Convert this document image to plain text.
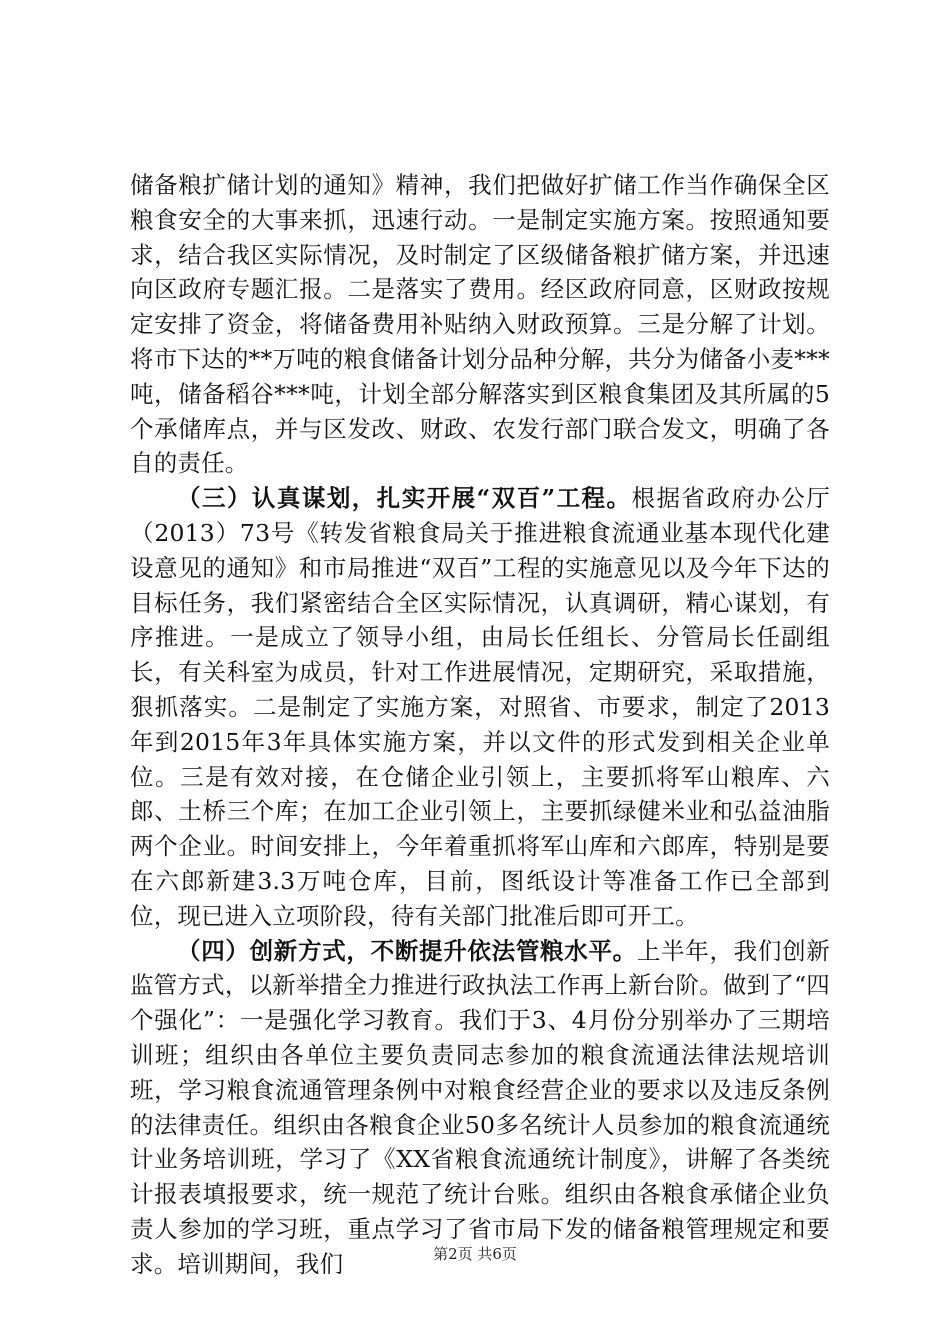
储备粮扩储计划的通知》精神，我们把做好扩储工作当作确保全区粮食安全的大事来抓，迅速行动。一是制定实施方案。按照通知要求，结合我区实际情况，及时制定了区级储备粮扩储方案，并迅速向区政府专题汇报。二是落实了费用。经区政府同意，区财政按规定安排了资金，将储备费用补贴纳入财政预算。三是分解了计划。将市下达的**万吨的粮食储备计划分品种分解，共分为储备小麦***吨，储备稻谷***吨，计划全部分解落实到区粮食集团及其所属的5个承储库点，并与区发改、财政、农发行部门联合发文，明确了各自的责任。

（三）认真谋划，扎实开展“双百”工程。根据省政府办公厅（2013）73号《转发省粮食局关于推进粮食流通业基本现代化建设意见的通知》和市局推进“双百”工程的实施意见以及今年下达的目标任务，我们紧密结合全区实际情况，认真调研，精心谋划，有序推进。一是成立了领导小组，由局长任组长、分管局长任副组长，有关科室为成员，针对工作进展情况，定期研究，采取措施，狠抓落实。二是制定了实施方案，对照省、市要求，制定了2013年到2015年3年具体实施方案，并以文件的形式发到相关企业单位。三是有效对接，在仓储企业引领上，主要抓将军山粮库、六郎、土桥三个库；在加工企业引领上，主要抓绿健米业和弘益油脂两个企业。时间安排上，今年着重抓将军山库和六郎库，特别是要在六郎新建3.3万吨仓库，目前，图纸设计等准备工作已全部到位，现已进入立项阶段，待有关部门批准后即可开工。

（四）创新方式，不断提升依法管粮水平。上半年，我们创新监管方式，以新举措全力推进行政执法工作再上新台阶。做到了“四个强化”：一是强化学习教育。我们于3、4月份分别举办了三期培训班；组织由各单位主要负责同志参加的粮食流通法律法规培训班，学习粮食流通管理条例中对粮食经营企业的要求以及违反条例的法律责任。组织由各粮食企业50多名统计人员参加的粮食流通统计业务培训班，学习了《XX省粮食流通统计制度》，讲解了各类统计报表填报要求，统一规范了统计台账。组织由各粮食承储企业负责人参加的学习班，重点学习了省市局下发的储备粮管理规定和要求。培训期间，我们	第2页 共6页
